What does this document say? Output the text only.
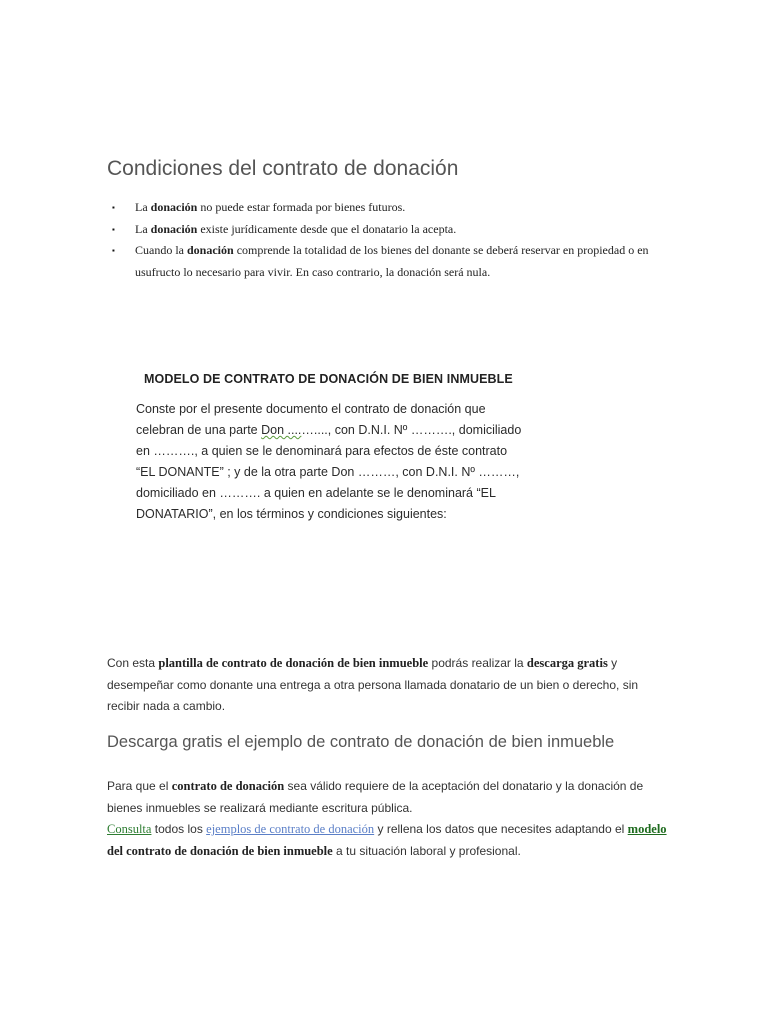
Condiciones del contrato de donación
▪ La donación no puede estar formada por bienes futuros.
▪ La donación existe jurídicamente desde que el donatario la acepta.
▪ Cuando la donación comprende la totalidad de los bienes del donante se deberá reservar en propiedad o en usufructo lo necesario para vivir. En caso contrario, la donación será nula.
MODELO DE CONTRATO DE DONACIÓN DE BIEN INMUEBLE
Conste por el presente documento el contrato de donación que
celebran de una parte Don ....…...., con D.N.I. Nº ………., domiciliado
en ………., a quien se le denominará para efectos de éste contrato
“EL DONANTE” ; y de la otra parte Don ………, con D.N.I. Nº ………,
domiciliado en ………. a quien en adelante se le denominará “EL
DONATARIO”, en los términos y condiciones siguientes:
Con esta plantilla de contrato de donación de bien inmueble podrás realizar la descarga gratis y desempeñar como donante una entrega a otra persona llamada donatario de un bien o derecho, sin recibir nada a cambio.
Descarga gratis el ejemplo de contrato de donación de bien inmueble
Para que el contrato de donación sea válido requiere de la aceptación del donatario y la donación de bienes inmuebles se realizará mediante escritura pública.
Consulta todos los ejemplos de contrato de donación y rellena los datos que necesites adaptando el modelo del contrato de donación de bien inmueble a tu situación laboral y profesional.
